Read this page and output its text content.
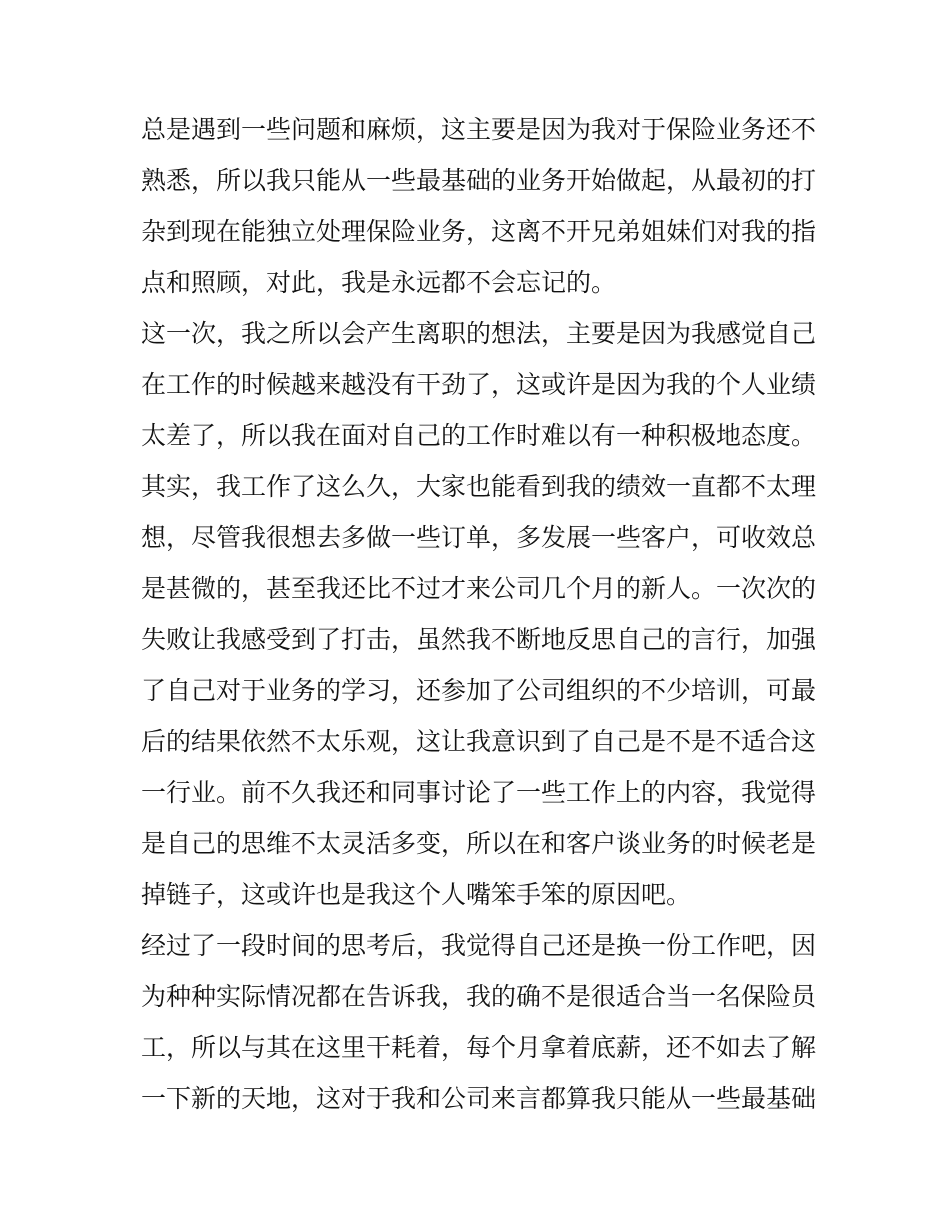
总是遇到一些问题和麻烦，这主要是因为我对于保险业务还不
熟悉，所以我只能从一些最基础的业务开始做起，从最初的打
杂到现在能独立处理保险业务，这离不开兄弟姐妹们对我的指
点和照顾，对此，我是永远都不会忘记的。
这一次，我之所以会产生离职的想法，主要是因为我感觉自己
在工作的时候越来越没有干劲了，这或许是因为我的个人业绩
太差了，所以我在面对自己的工作时难以有一种积极地态度。
其实，我工作了这么久，大家也能看到我的绩效一直都不太理
想，尽管我很想去多做一些订单，多发展一些客户，可收效总
是甚微的，甚至我还比不过才来公司几个月的新人。一次次的
失败让我感受到了打击，虽然我不断地反思自己的言行，加强
了自己对于业务的学习，还参加了公司组织的不少培训，可最
后的结果依然不太乐观，这让我意识到了自己是不是不适合这
一行业。前不久我还和同事讨论了一些工作上的内容，我觉得
是自己的思维不太灵活多变，所以在和客户谈业务的时候老是
掉链子，这或许也是我这个人嘴笨手笨的原因吧。
经过了一段时间的思考后，我觉得自己还是换一份工作吧，因
为种种实际情况都在告诉我，我的确不是很适合当一名保险员
工，所以与其在这里干耗着，每个月拿着底薪，还不如去了解
一下新的天地，这对于我和公司来言都算我只能从一些最基础
